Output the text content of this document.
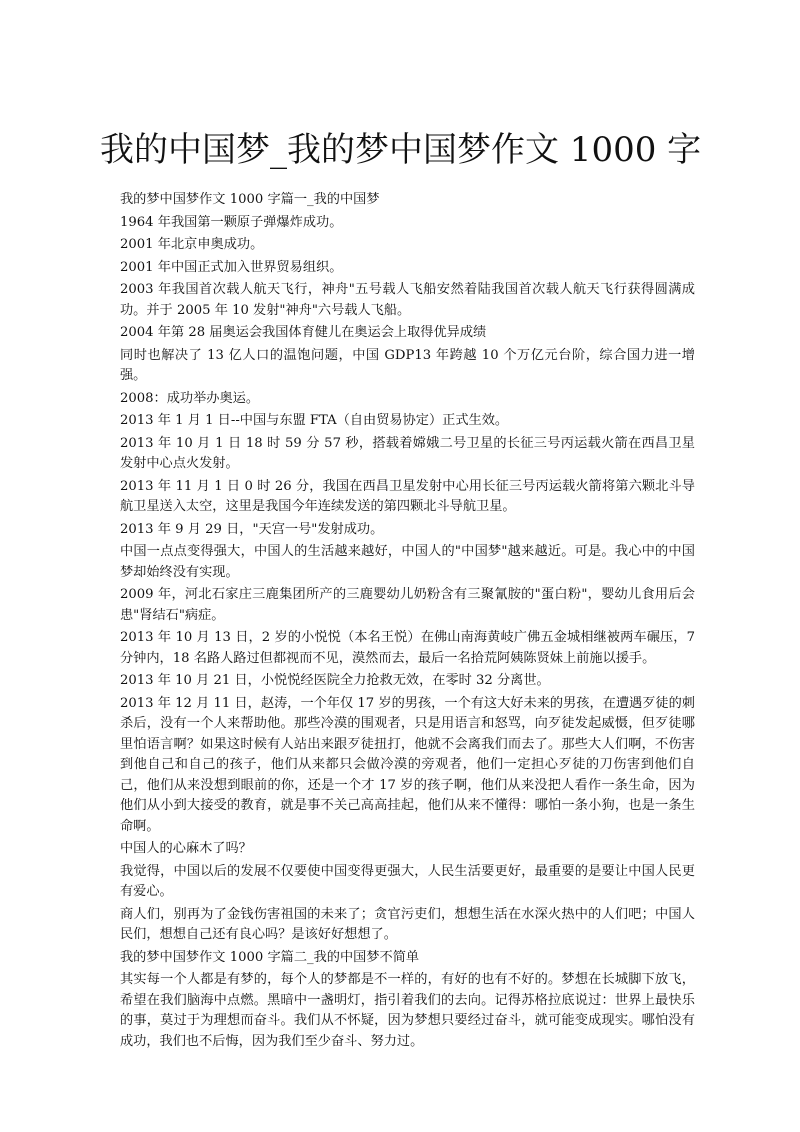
我的中国梦_我的梦中国梦作文 1000 字

我的梦中国梦作文 1000 字篇一_我的中国梦

1964 年我国第一颗原子弹爆炸成功。

2001 年北京申奥成功。

2001 年中国正式加入世界贸易组织。

2003 年我国首次载人航天飞行，神舟"五号载人飞船安然着陆我国首次载人航天飞行获得圆满成功。并于 2005 年 10 发射"神舟"六号载人飞船。

2004 年第 28 届奥运会我国体育健儿在奥运会上取得优异成绩

同时也解决了 13 亿人口的温饱问题，中国 GDP13 年跨越 10 个万亿元台阶，综合国力进一增强。

2008：成功举办奥运。

2013 年 1 月 1 日--中国与东盟 FTA（自由贸易协定）正式生效。

2013 年 10 月 1 日 18 时 59 分 57 秒，搭载着嫦娥二号卫星的长征三号丙运载火箭在西昌卫星发射中心点火发射。

2013 年 11 月 1 日 0 时 26 分，我国在西昌卫星发射中心用长征三号丙运载火箭将第六颗北斗导航卫星送入太空，这里是我国今年连续发送的第四颗北斗导航卫星。

2013 年 9 月 29 日，"天宫一号"发射成功。

中国一点点变得强大，中国人的生活越来越好，中国人的"中国梦"越来越近。可是。我心中的中国梦却始终没有实现。

2009 年，河北石家庄三鹿集团所产的三鹿婴幼儿奶粉含有三聚氰胺的"蛋白粉"，婴幼儿食用后会患"肾结石"病症。

2013 年 10 月 13 日，2 岁的小悦悦（本名王悦）在佛山南海黄岐广佛五金城相继被两车碾压，7 分钟内，18 名路人路过但都视而不见，漠然而去，最后一名拾荒阿姨陈贤妹上前施以援手。

2013 年 10 月 21 日，小悦悦经医院全力抢救无效，在零时 32 分离世。

2013 年 12 月 11 日，赵涛，一个年仅 17 岁的男孩，一个有这大好未来的男孩，在遭遇歹徒的刺杀后，没有一个人来帮助他。那些冷漠的围观者，只是用语言和怒骂，向歹徒发起威慑，但歹徒哪里怕语言啊？如果这时候有人站出来跟歹徒扭打，他就不会离我们而去了。那些大人们啊，不伤害到他自己和自己的孩子，他们从来都只会做冷漠的旁观者，他们一定担心歹徒的刀伤害到他们自己，他们从来没想到眼前的你，还是一个才 17 岁的孩子啊，他们从来没把人看作一条生命，因为他们从小到大接受的教育，就是事不关己高高挂起，他们从来不懂得：哪怕一条小狗，也是一条生命啊。

中国人的心麻木了吗？

我觉得，中国以后的发展不仅要使中国变得更强大，人民生活要更好，最重要的是要让中国人民更有爱心。

商人们，别再为了金钱伤害祖国的未来了；贪官污吏们，想想生活在水深火热中的人们吧；中国人民们，想想自己还有良心吗？是该好好想想了。

我的梦中国梦作文 1000 字篇二_我的中国梦不简单

其实每一个人都是有梦的，每个人的梦都是不一样的，有好的也有不好的。梦想在长城脚下放飞，希望在我们脑海中点燃。黑暗中一盏明灯，指引着我们的去向。记得苏格拉底说过：世界上最快乐的事，莫过于为理想而奋斗。我们从不怀疑，因为梦想只要经过奋斗，就可能变成现实。哪怕没有成功，我们也不后悔，因为我们至少奋斗、努力过。
